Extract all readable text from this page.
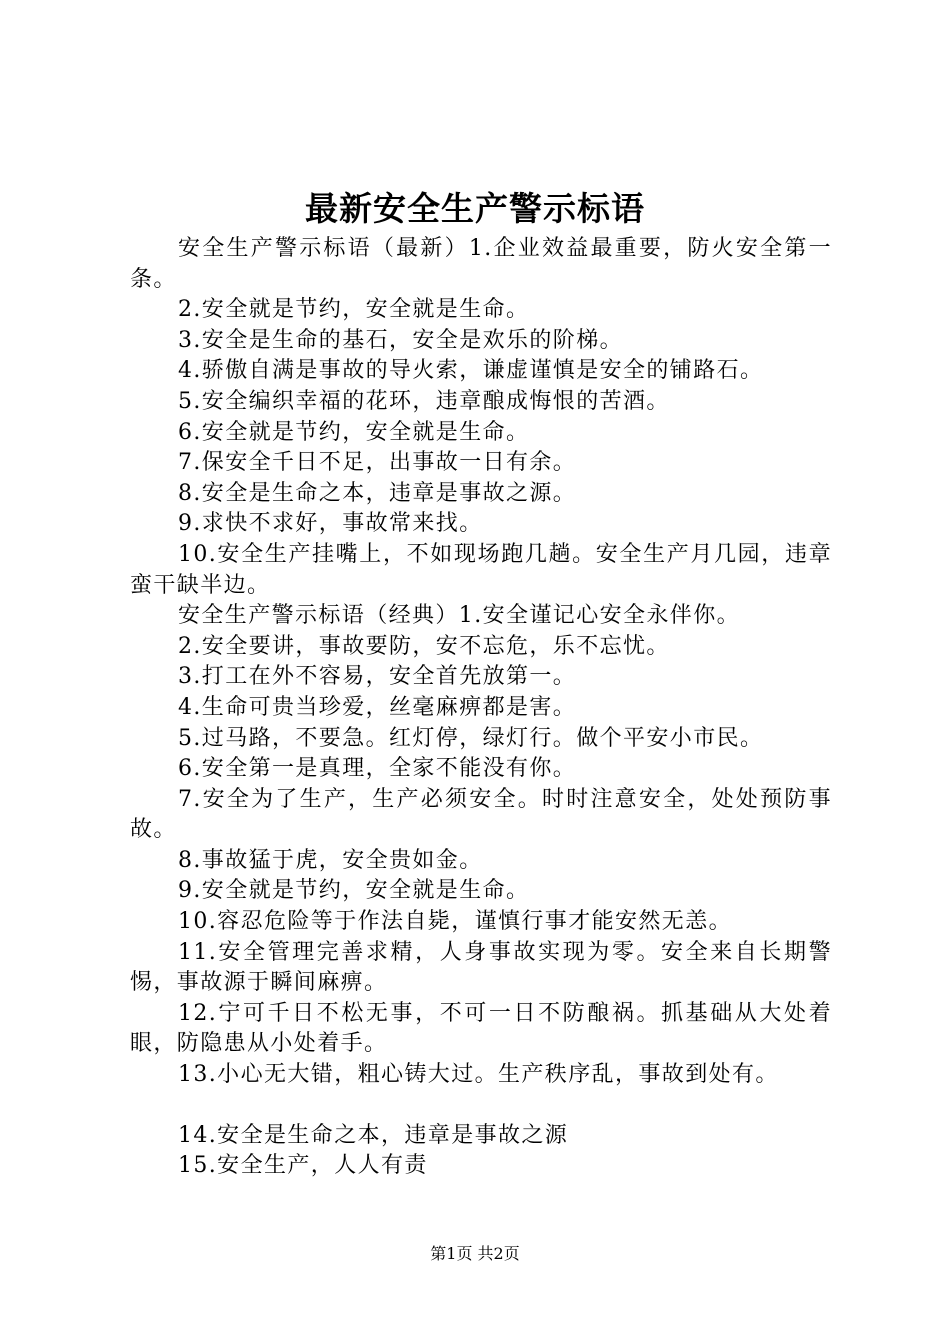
最新安全生产警示标语

安全生产警示标语（最新）1.企业效益最重要，防火安全第一条。

2.安全就是节约，安全就是生命。

3.安全是生命的基石，安全是欢乐的阶梯。

4.骄傲自满是事故的导火索，谦虚谨慎是安全的铺路石。

5.安全编织幸福的花环，违章酿成悔恨的苦酒。

6.安全就是节约，安全就是生命。

7.保安全千日不足，出事故一日有余。

8.安全是生命之本，违章是事故之源。

9.求快不求好，事故常来找。

10.安全生产挂嘴上，不如现场跑几趟。安全生产月几园，违章蛮干缺半边。

安全生产警示标语（经典）1.安全谨记心安全永伴你。

2.安全要讲，事故要防，安不忘危，乐不忘忧。

3.打工在外不容易，安全首先放第一。

4.生命可贵当珍爱，丝毫麻痹都是害。

5.过马路，不要急。红灯停，绿灯行。做个平安小市民。

6.安全第一是真理，全家不能没有你。

7.安全为了生产，生产必须安全。时时注意安全，处处预防事故。

8.事故猛于虎，安全贵如金。

9.安全就是节约，安全就是生命。

10.容忍危险等于作法自毙，谨慎行事才能安然无恙。

11.安全管理完善求精，人身事故实现为零。安全来自长期警惕，事故源于瞬间麻痹。

12.宁可千日不松无事，不可一日不防酿祸。抓基础从大处着眼，防隐患从小处着手。

13.小心无大错，粗心铸大过。生产秩序乱，事故到处有。

14.安全是生命之本，违章是事故之源

15.安全生产，人人有责

第1页 共2页
